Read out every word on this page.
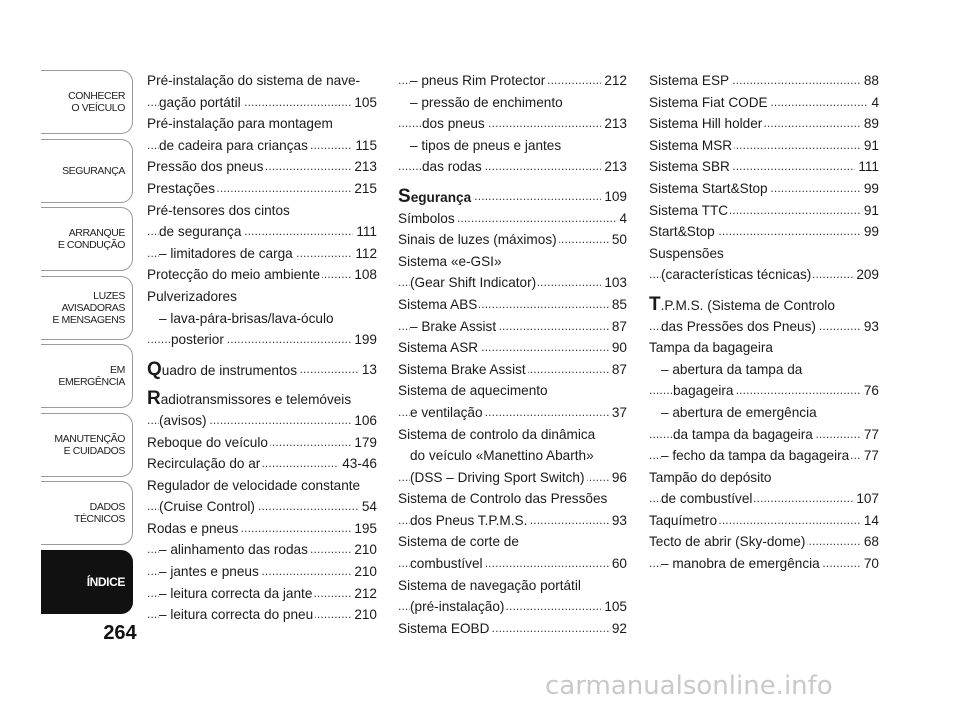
CONHECER
O VEÍCULO
SEGURANÇA
ARRANQUE
E CONDUÇÃO
LUZES
AVISADORAS
E MENSAGENS
EM EMERGÊNCIA
MANUTENÇÃO
E CUIDADOS
DADOS
TÉCNICOS
ÍNDICE
264
Pré-instalação do sistema de nave-
gação portátil	105
. . .
Pré-instalação para montagem
de cadeira para crianças	115
. . .
Pressão dos pneus	213
. . .
Prestações	215
. . .
Pré-tensores dos cintos
de segurança	111
. . .
– limitadores de carga	112
. . .
Protecção do meio ambiente	108
. . .
Pulverizadores
– lava-pára-brisas/lava-óculo
posterior	199
. . .
Quadro de instrumentos	13
. . .
Radiotransmissores e telemóveis
(avisos)	106
. . .
Reboque do veículo	179
. . .
Recirculação do ar	43-46
. . .
Regulador de velocidade constante
(Cruise Control)	54
. . .
Rodas e pneus	195
. . .
– alinhamento das rodas	210
. . .
– jantes e pneus	210
. . .
– leitura correcta da jante	212
. . .
– leitura correcta do pneu	210
. . .
– pneus Rim Protector	212
. . .
– pressão de enchimento
dos pneus	213
. . .
– tipos de pneus e jantes
das rodas	213
. . .
Segurança	109
. . .
Símbolos	4
. . .
Sinais de luzes (máximos)	50
. . .
Sistema «e-GSI»
(Gear Shift Indicator)	103
. . .
Sistema ABS	85
. . .
– Brake Assist	87
. . .
Sistema ASR	90
. . .
Sistema Brake Assist	87
. . .
Sistema de aquecimento
e ventilação	37
. . .
Sistema de controlo da dinâmica
do veículo «Manettino Abarth»
(DSS – Driving Sport Switch) 96
. . .
Sistema de Controlo das Pressões
dos Pneus T.P.M.S.	93
. . .
Sistema de corte de
combustível	60
. . .
Sistema de navegação portátil
(pré-instalação)	105
. . .
Sistema EOBD	92
. . .
Sistema ESP	88
. . .
Sistema Fiat CODE	4
. . .
Sistema Hill holder	89
. . .
Sistema MSR	91
. . .
Sistema SBR	111
. . .
Sistema Start&Stop	99
. . .
Sistema TTC	91
. . .
Start&Stop	99
. . .
Suspensões
(características técnicas)	209
. . .
T.P.M.S. (Sistema de Controlo
das Pressões dos Pneus)	93
. . .
Tampa da bagageira
– abertura da tampa da
bagageira	76
. . .
– abertura de emergência
da tampa da bagageira	77
. . .
– fecho da tampa da bagageira 77
. . .
Tampão do depósito
de combustível	107
. . .
Taquímetro	14
. . .
Tecto de abrir (Sky-dome)	68
. . .
– manobra de emergência	70
. . .
carmanualsonline.info
